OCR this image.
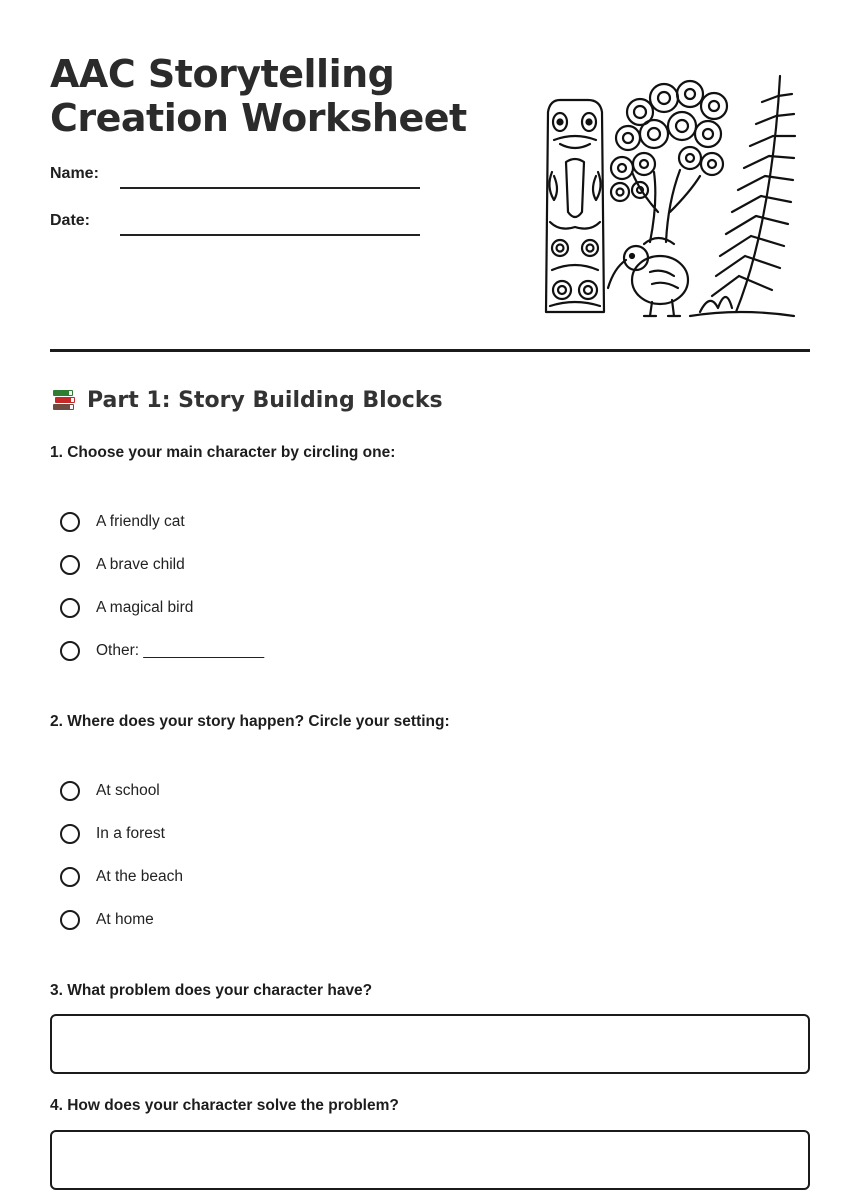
AAC Storytelling
Creation Worksheet
Name:
Date:
Part 1: Story Building Blocks
1. Choose your main character by circling one:
A friendly cat
A brave child
A magical bird
Other: ______________
2. Where does your story happen? Circle your setting:
At school
In a forest
At the beach
At home
3. What problem does your character have?
4. How does your character solve the problem?
